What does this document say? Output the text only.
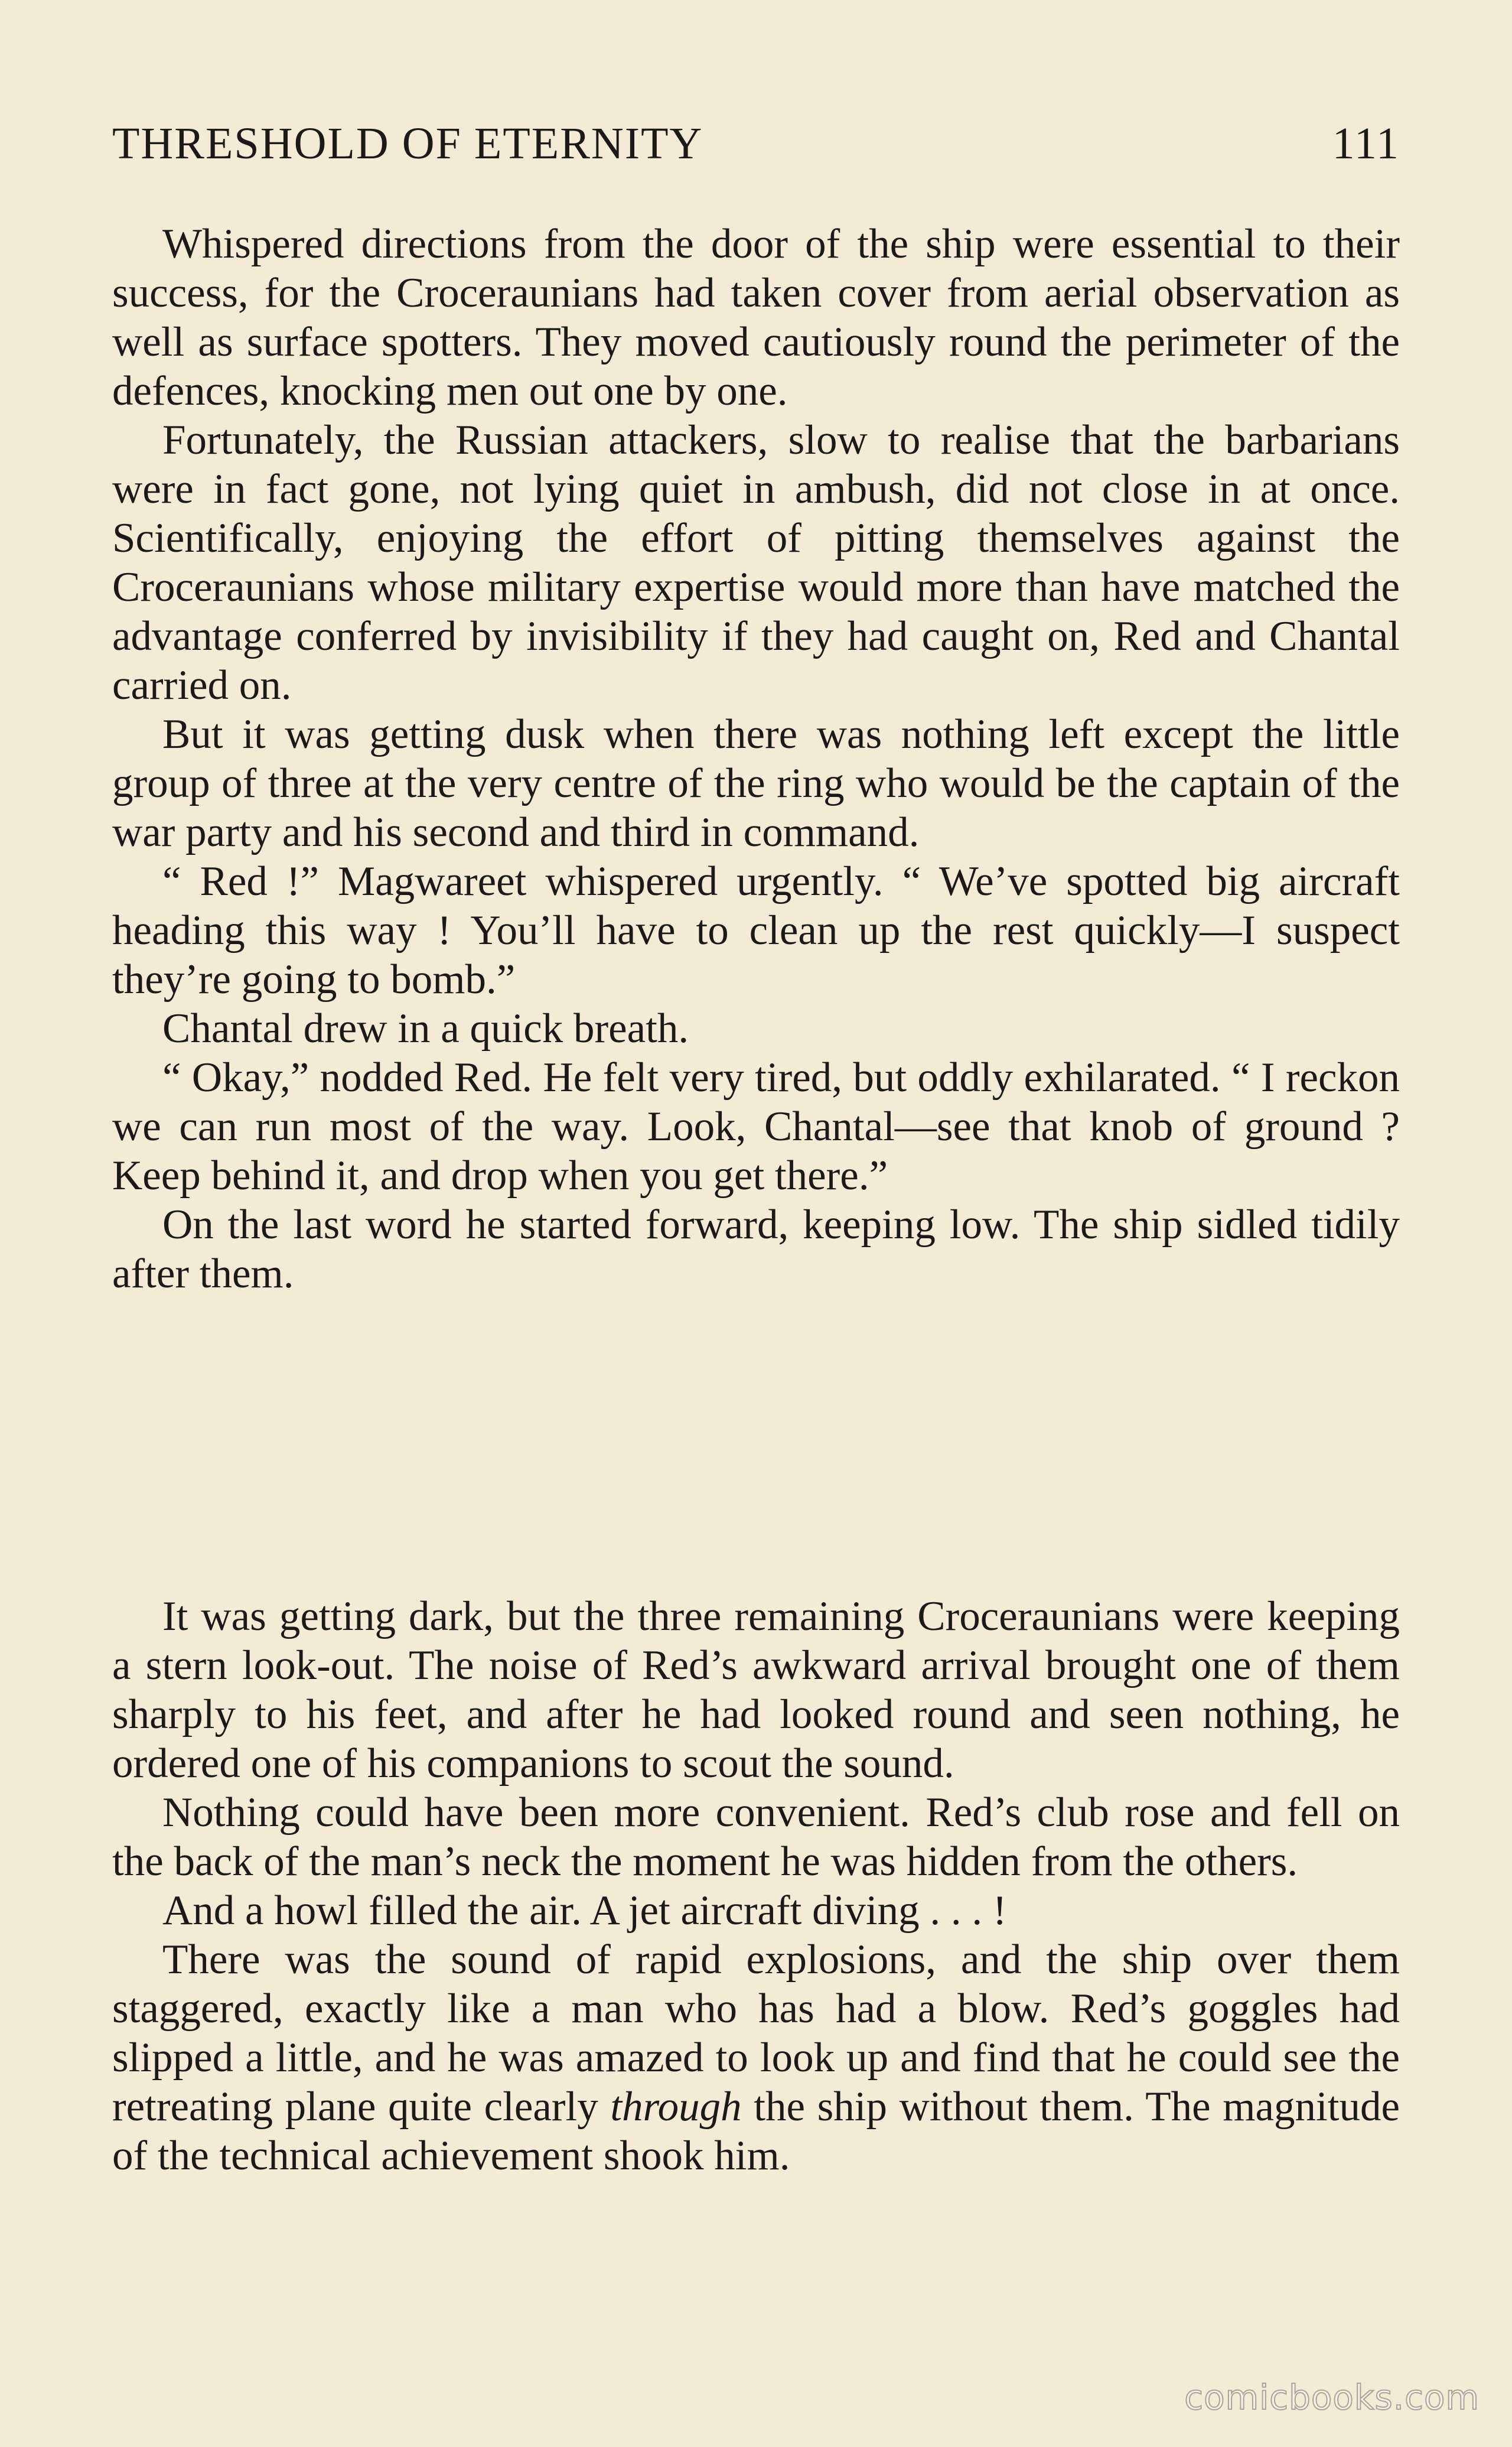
THRESHOLD OF ETERNITY	111

Whispered directions from the door of the ship were essential to their success, for the Croceraunians had taken cover from aerial observation as well as surface spotters. They moved cautiously round the perimeter of the defences, knocking men out one by one.

Fortunately, the Russian attackers, slow to realise that the barbarians were in fact gone, not lying quiet in ambush, did not close in at once. Scientifically, enjoying the effort of pitting themselves against the Croceraunians whose military expertise would more than have matched the advantage conferred by invisibility if they had caught on, Red and Chantal carried on.

But it was getting dusk when there was nothing left except the little group of three at the very centre of the ring who would be the captain of the war party and his second and third in command.

“ Red !” Magwareet whispered urgently. “ We’ve spotted big aircraft heading this way ! You’ll have to clean up the rest quickly—I suspect they’re going to bomb.”

Chantal drew in a quick breath.

“ Okay,” nodded Red. He felt very tired, but oddly exhilarated. “ I reckon we can run most of the way. Look, Chantal—see that knob of ground ? Keep behind it, and drop when you get there.”

On the last word he started forward, keeping low. The ship sidled tidily after them.

It was getting dark, but the three remaining Croceraunians were keeping a stern look-out. The noise of Red’s awkward arrival brought one of them sharply to his feet, and after he had looked round and seen nothing, he ordered one of his companions to scout the sound.

Nothing could have been more convenient. Red’s club rose and fell on the back of the man’s neck the moment he was hidden from the others.

And a howl filled the air. A jet aircraft diving . . . !

There was the sound of rapid explosions, and the ship over them staggered, exactly like a man who has had a blow. Red’s goggles had slipped a little, and he was amazed to look up and find that he could see the retreating plane quite clearly through the ship without them. The magnitude of the technical achievement shook him.

comicbooks.com
